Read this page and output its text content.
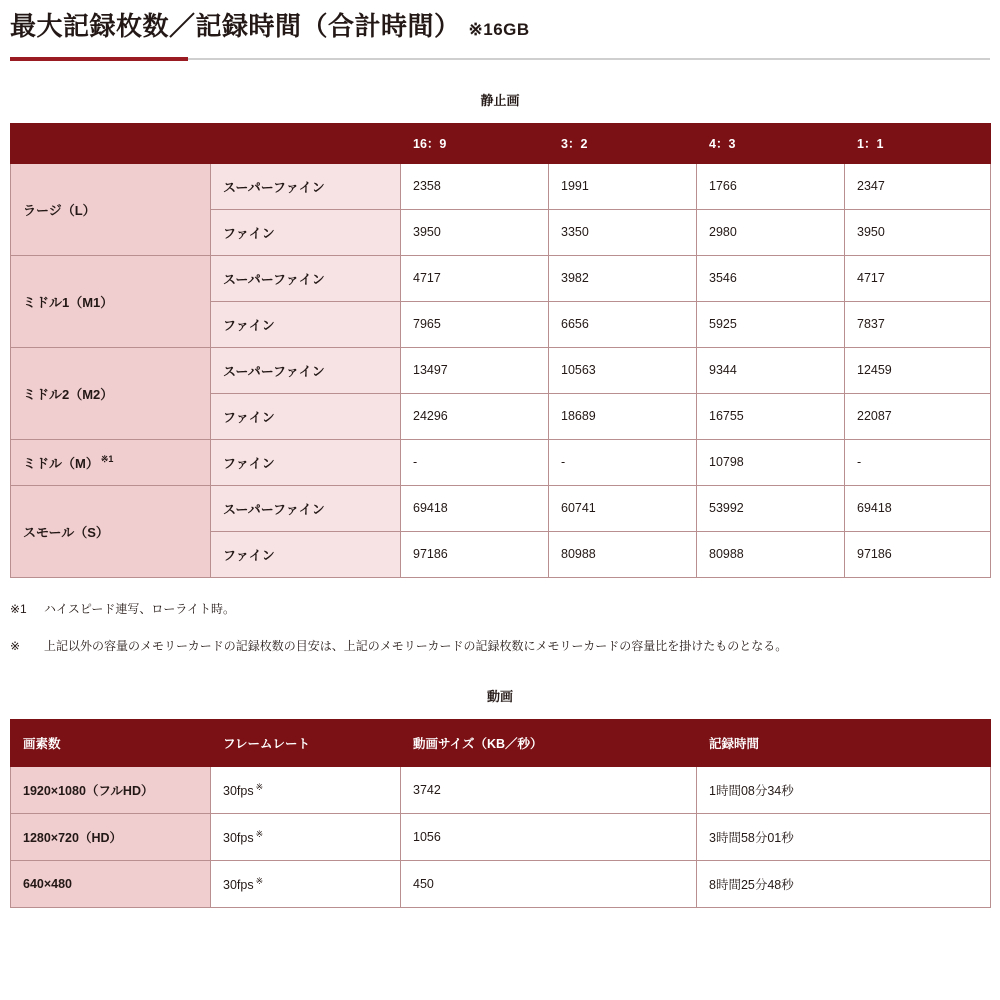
最大記録枚数／記録時間（合計時間） ※16GB
静止画
		16：9	3：2	4：3	1：1
ラージ（L）	スーパーファイン	2358	1991	1766	2347
	ファイン	3950	3350	2980	3950
ミドル1（M1）	スーパーファイン	4717	3982	3546	4717
	ファイン	7965	6656	5925	7837
ミドル2（M2）	スーパーファイン	13497	10563	9344	12459
	ファイン	24296	18689	16755	22087
ミドル（M） $^{※1}$	ファイン	-	-	10798	-
スモール（S）	スーパーファイン	69418	60741	53992	69418
	ファイン	97186	80988	80988	97186
※1	ハイスピード連写、ローライト時。
※	上記以外の容量のメモリーカードの記録枚数の目安は、上記のメモリーカードの記録枚数にメモリーカードの容量比を掛けたものとなる。
動画
画素数	フレームレート	動画サイズ（KB／秒）	記録時間
1920×1080（フルHD）	30fps ※	3742	1時間08分34秒
1280×720（HD）	30fps ※	1056	3時間58分01秒
640×480	30fps ※	450	8時間25分48秒
